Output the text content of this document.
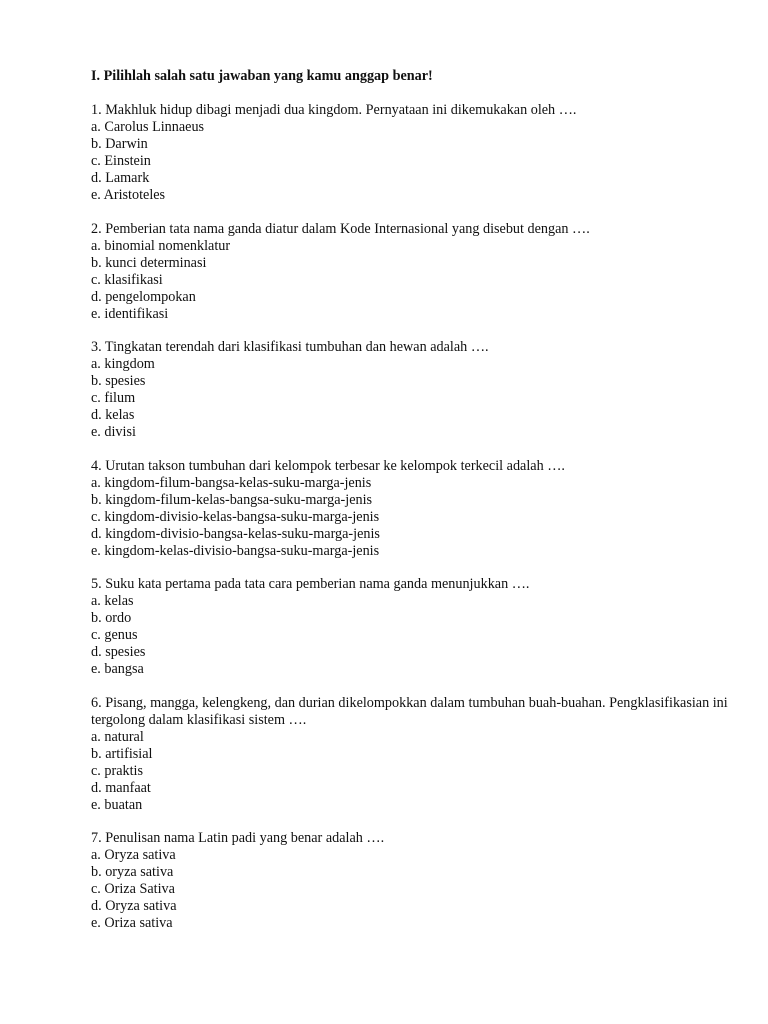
I. Pilihlah salah satu jawaban yang kamu anggap benar!
1. Makhluk hidup dibagi menjadi dua kingdom. Pernyataan ini dikemukakan oleh ….
a. Carolus Linnaeus
b. Darwin
c. Einstein
d. Lamark
e. Aristoteles
2. Pemberian tata nama ganda diatur dalam Kode Internasional yang disebut dengan ….
a. binomial nomenklatur
b. kunci determinasi
c. klasifikasi
d. pengelompokan
e. identifikasi
3. Tingkatan terendah dari klasifikasi tumbuhan dan hewan adalah ….
a. kingdom
b. spesies
c. filum
d. kelas
e. divisi
4. Urutan takson tumbuhan dari kelompok terbesar ke kelompok terkecil adalah ….
a. kingdom-filum-bangsa-kelas-suku-marga-jenis
b. kingdom-filum-kelas-bangsa-suku-marga-jenis
c. kingdom-divisio-kelas-bangsa-suku-marga-jenis
d. kingdom-divisio-bangsa-kelas-suku-marga-jenis
e. kingdom-kelas-divisio-bangsa-suku-marga-jenis
5. Suku kata pertama pada tata cara pemberian nama ganda menunjukkan ….
a. kelas
b. ordo
c. genus
d. spesies
e. bangsa
6. Pisang, mangga, kelengkeng, dan durian dikelompokkan dalam tumbuhan buah-buahan. Pengklasifikasian ini tergolong dalam klasifikasi sistem ….
a. natural
b. artifisial
c. praktis
d. manfaat
e. buatan
7. Penulisan nama Latin padi yang benar adalah ….
a. Oryza sativa
b. oryza sativa
c. Oriza Sativa
d. Oryza sativa
e. Oriza sativa
